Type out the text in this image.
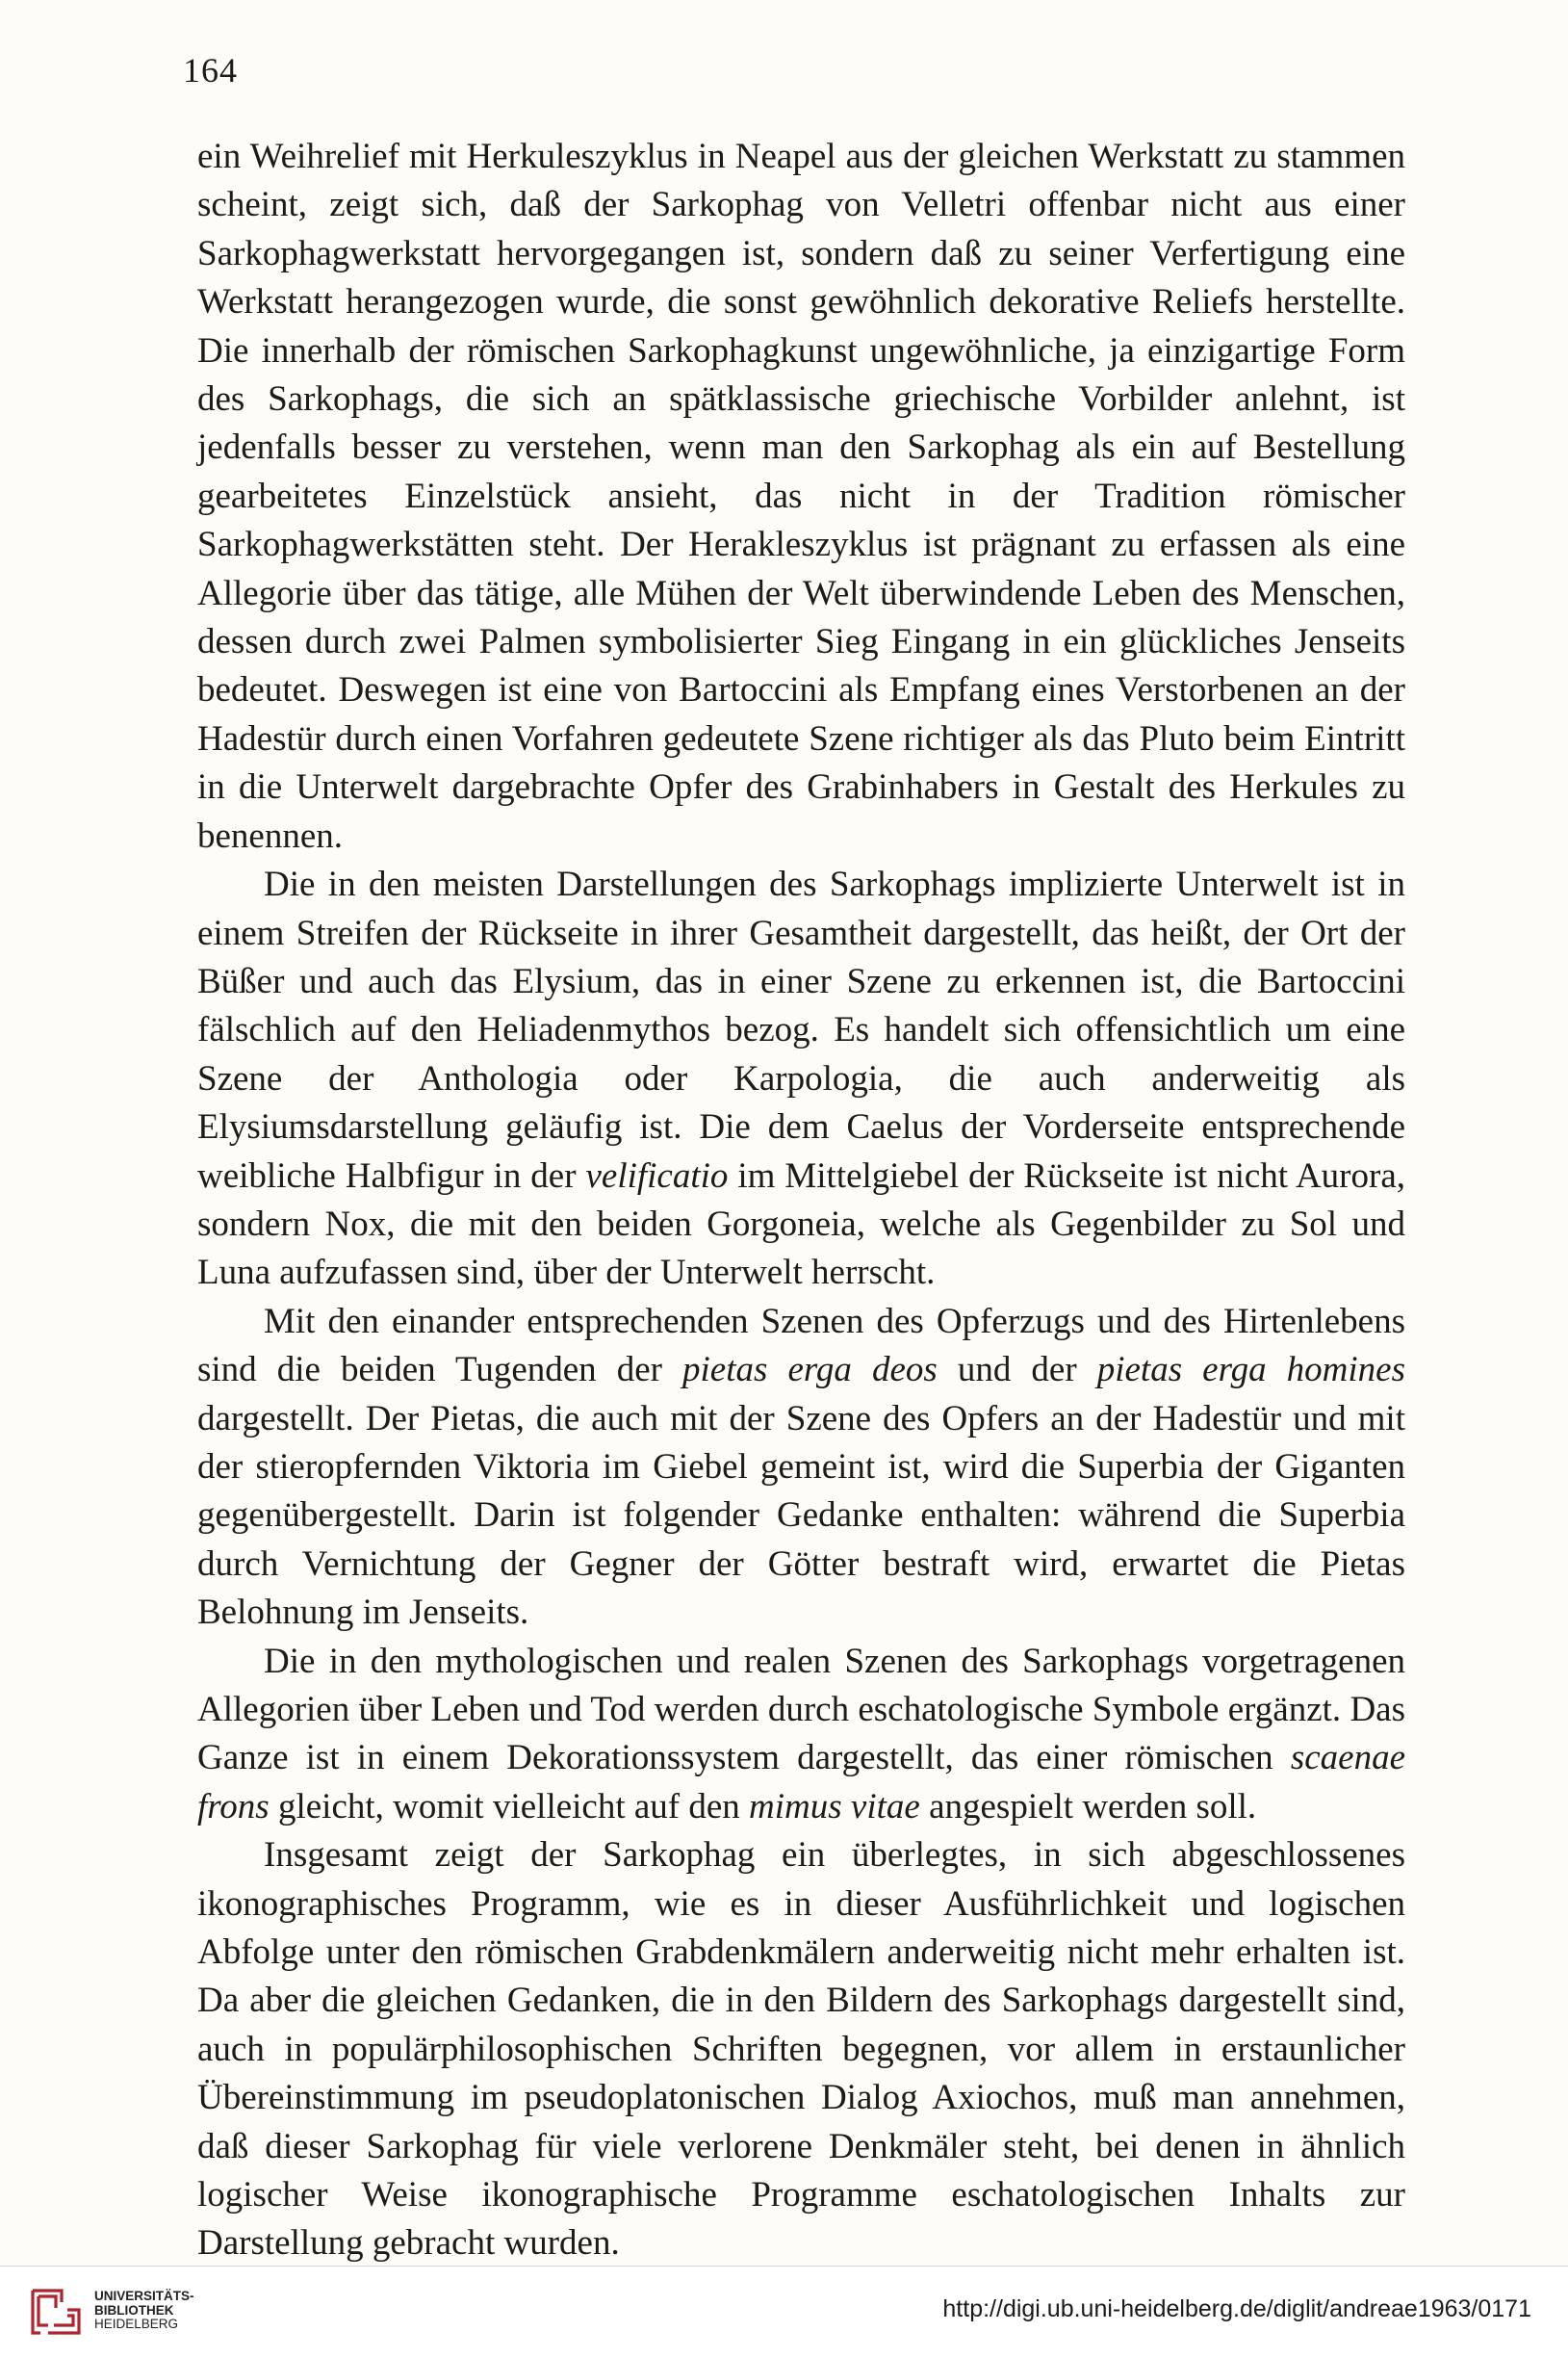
164

ein Weihrelief mit Herkuleszyklus in Neapel aus der gleichen Werkstatt zu stammen scheint, zeigt sich, daß der Sarkophag von Velletri offenbar nicht aus einer Sarkophagwerkstatt hervorgegangen ist, sondern daß zu seiner Verfertigung eine Werkstatt herangezogen wurde, die sonst gewöhnlich dekorative Reliefs herstellte. Die innerhalb der römischen Sarkophagkunst ungewöhnliche, ja einzigartige Form des Sarkophags, die sich an spätklassische griechische Vorbilder anlehnt, ist jedenfalls besser zu verstehen, wenn man den Sarkophag als ein auf Bestellung gearbeitetes Einzelstück ansieht, das nicht in der Tradition römischer Sarkophagwerkstätten steht. Der Herakleszyklus ist prägnant zu erfassen als eine Allegorie über das tätige, alle Mühen der Welt überwindende Leben des Menschen, dessen durch zwei Palmen symbolisierter Sieg Eingang in ein glückliches Jenseits bedeutet. Deswegen ist eine von Bartoccini als Empfang eines Verstorbenen an der Hadestür durch einen Vorfahren gedeutete Szene richtiger als das Pluto beim Eintritt in die Unterwelt dargebrachte Opfer des Grabinhabers in Gestalt des Herkules zu benennen.

Die in den meisten Darstellungen des Sarkophags implizierte Unterwelt ist in einem Streifen der Rückseite in ihrer Gesamtheit dargestellt, das heißt, der Ort der Büßer und auch das Elysium, das in einer Szene zu erkennen ist, die Bartoccini fälschlich auf den Heliadenmythos bezog. Es handelt sich offensichtlich um eine Szene der Anthologia oder Karpologia, die auch anderweitig als Elysiumsdarstellung geläufig ist. Die dem Caelus der Vorderseite entsprechende weibliche Halbfigur in der velificatio im Mittelgiebel der Rückseite ist nicht Aurora, sondern Nox, die mit den beiden Gorgoneia, welche als Gegenbilder zu Sol und Luna aufzufassen sind, über der Unterwelt herrscht.

Mit den einander entsprechenden Szenen des Opferzugs und des Hirtenlebens sind die beiden Tugenden der pietas erga deos und der pietas erga homines dargestellt. Der Pietas, die auch mit der Szene des Opfers an der Hadestür und mit der stieropfernden Viktoria im Giebel gemeint ist, wird die Superbia der Giganten gegenübergestellt. Darin ist folgender Gedanke enthalten: während die Superbia durch Vernichtung der Gegner der Götter bestraft wird, erwartet die Pietas Belohnung im Jenseits.

Die in den mythologischen und realen Szenen des Sarkophags vorgetragenen Allegorien über Leben und Tod werden durch eschatologische Symbole ergänzt. Das Ganze ist in einem Dekorationssystem dargestellt, das einer römischen scaenae frons gleicht, womit vielleicht auf den mimus vitae angespielt werden soll.

Insgesamt zeigt der Sarkophag ein überlegtes, in sich abgeschlossenes ikonographisches Programm, wie es in dieser Ausführlichkeit und logischen Abfolge unter den römischen Grabdenkmälern anderweitig nicht mehr erhalten ist. Da aber die gleichen Gedanken, die in den Bildern des Sarkophags dargestellt sind, auch in populärphilosophischen Schriften begegnen, vor allem in erstaunlicher Übereinstimmung im pseudoplatonischen Dialog Axiochos, muß man annehmen, daß dieser Sarkophag für viele verlorene Denkmäler steht, bei denen in ähnlich logischer Weise ikonographische Programme eschatologischen Inhalts zur Darstellung gebracht wurden.

UNIVERSITÄTS-
BIBLIOTHEK
HEIDELBERG
http://digi.ub.uni-heidelberg.de/diglit/andreae1963/0171
